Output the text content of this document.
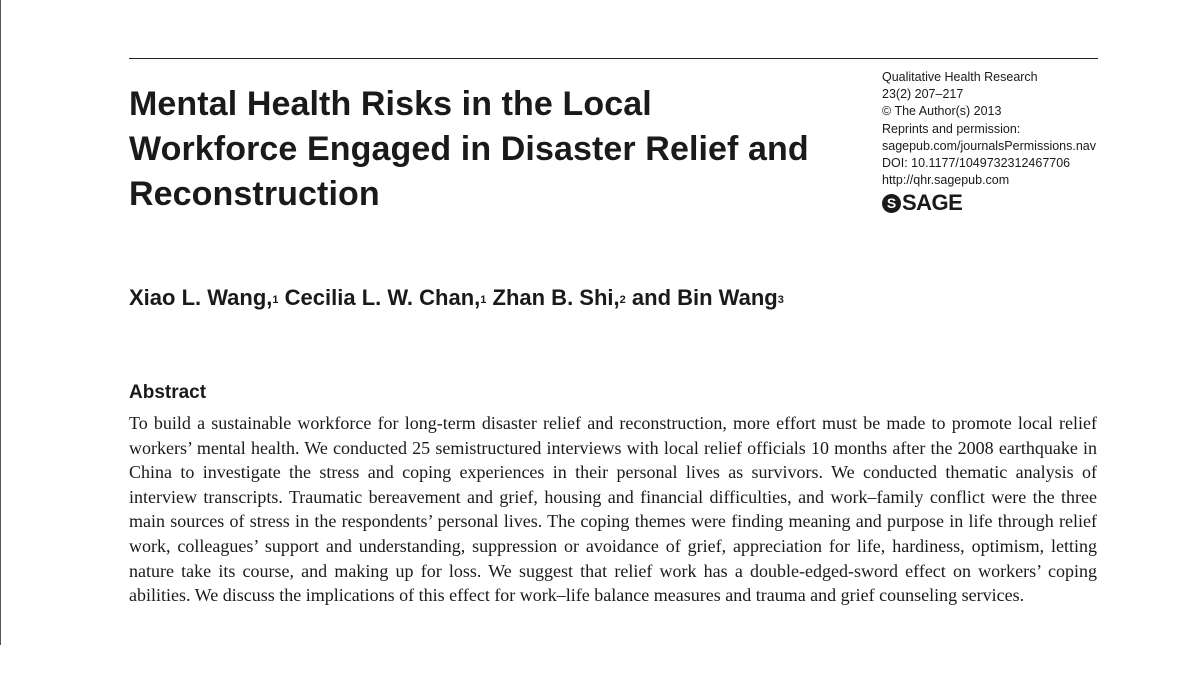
Mental Health Risks in the Local Workforce Engaged in Disaster Relief and Reconstruction
Qualitative Health Research
23(2) 207–217
© The Author(s) 2013
Reprints and permission:
sagepub.com/journalsPermissions.nav
DOI: 10.1177/1049732312467706
http://qhr.sagepub.com
S SAGE

Xiao L. Wang,$^1$ Cecilia L. W. Chan,$^1$ Zhan B. Shi,$^2$ and Bin Wang$^3$

Abstract

To build a sustainable workforce for long-term disaster relief and reconstruction, more effort must be made to promote local relief workers’ mental health. We conducted 25 semistructured interviews with local relief officials 10 months after the 2008 earthquake in China to investigate the stress and coping experiences in their personal lives as survivors. We conducted thematic analysis of interview transcripts. Traumatic bereavement and grief, housing and financial difficulties, and work–family conflict were the three main sources of stress in the respondents’ personal lives. The coping themes were finding meaning and purpose in life through relief work, colleagues’ support and understanding, suppression or avoidance of grief, appreciation for life, hardiness, optimism, letting nature take its course, and making up for loss. We suggest that relief work has a double-edged-sword effect on workers’ coping abilities. We discuss the implications of this effect for work–life balance measures and trauma and grief counseling services.
